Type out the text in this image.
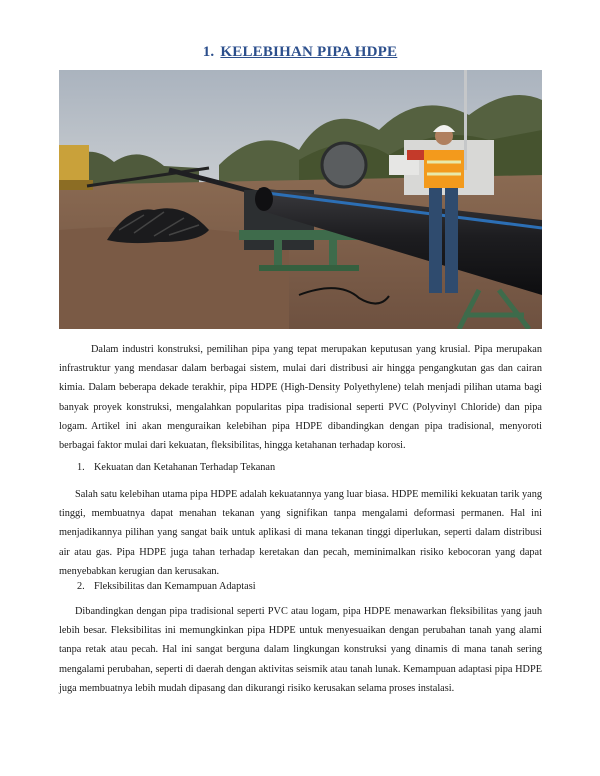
1. KELEBIHAN PIPA HDPE
Dalam industri konstruksi, pemilihan pipa yang tepat merupakan keputusan yang krusial. Pipa merupakan infrastruktur yang mendasar dalam berbagai sistem, mulai dari distribusi air hingga pengangkutan gas dan cairan kimia. Dalam beberapa dekade terakhir, pipa HDPE (High-Density Polyethylene) telah menjadi pilihan utama bagi banyak proyek konstruksi, mengalahkan popularitas pipa tradisional seperti PVC (Polyvinyl Chloride) dan pipa logam. Artikel ini akan menguraikan kelebihan pipa HDPE dibandingkan dengan pipa tradisional, menyoroti berbagai faktor mulai dari kekuatan, fleksibilitas, hingga ketahanan terhadap korosi.
1. Kekuatan dan Ketahanan Terhadap Tekanan
Salah satu kelebihan utama pipa HDPE adalah kekuatannya yang luar biasa. HDPE memiliki kekuatan tarik yang tinggi, membuatnya dapat menahan tekanan yang signifikan tanpa mengalami deformasi permanen. Hal ini menjadikannya pilihan yang sangat baik untuk aplikasi di mana tekanan tinggi diperlukan, seperti dalam distribusi air atau gas. Pipa HDPE juga tahan terhadap keretakan dan pecah, meminimalkan risiko kebocoran yang dapat menyebabkan kerugian dan kerusakan.
2. Fleksibilitas dan Kemampuan Adaptasi
Dibandingkan dengan pipa tradisional seperti PVC atau logam, pipa HDPE menawarkan fleksibilitas yang jauh lebih besar. Fleksibilitas ini memungkinkan pipa HDPE untuk menyesuaikan dengan perubahan tanah yang alami tanpa retak atau pecah. Hal ini sangat berguna dalam lingkungan konstruksi yang dinamis di mana tanah sering mengalami perubahan, seperti di daerah dengan aktivitas seismik atau tanah lunak. Kemampuan adaptasi pipa HDPE juga membuatnya lebih mudah dipasang dan dikurangi risiko kerusakan selama proses instalasi.
